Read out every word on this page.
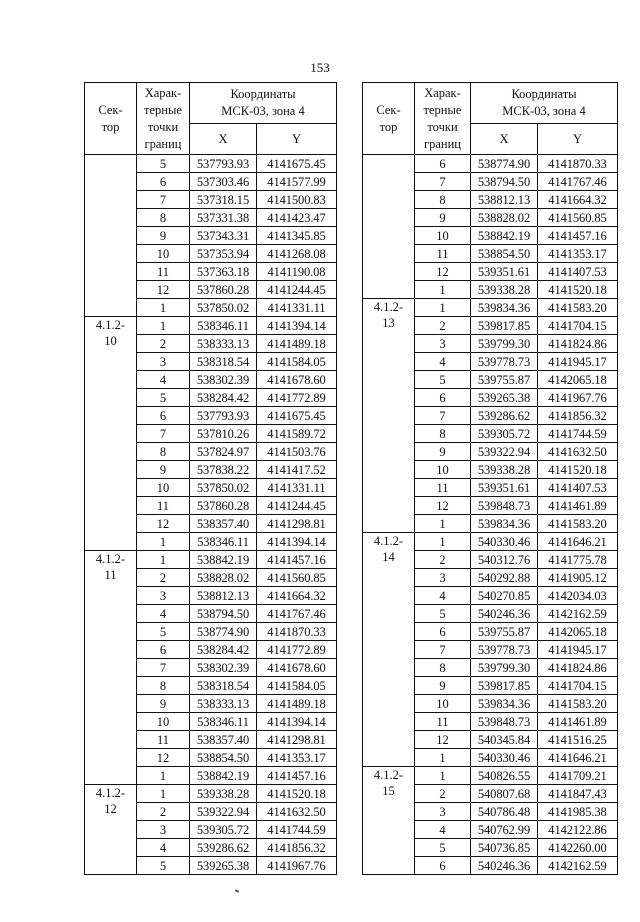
153
Сек-
тор	Харак-
терные
точки
границ	Координаты
МСК-03, зона 4	
		X	Y
	5	537793.93	4141675.45
	6	537303.46	4141577.99
	7	537318.15	4141500.83
	8	537331.38	4141423.47
	9	537343.31	4141345.85
	10	537353.94	4141268.08
	11	537363.18	4141190.08
	12	537860.28	4141244.45
	1	537850.02	4141331.11

4.1.2-
10	1	538346.11	4141394.14
	2	538333.13	4141489.18
	3	538318.54	4141584.05
	4	538302.39	4141678.60
	5	538284.42	4141772.89
	6	537793.93	4141675.45
	7	537810.26	4141589.72
	8	537824.97	4141503.76
	9	537838.22	4141417.52
	10	537850.02	4141331.11
	11	537860.28	4141244.45
	12	538357.40	4141298.81
	1	538346.11	4141394.14

4.1.2-
11	1	538842.19	4141457.16
	2	538828.02	4141560.85
	3	538812.13	4141664.32
	4	538794.50	4141767.46
	5	538774.90	4141870.33
	6	538284.42	4141772.89
	7	538302.39	4141678.60
	8	538318.54	4141584.05
	9	538333.13	4141489.18
	10	538346.11	4141394.14
	11	538357.40	4141298.81
	12	538854.50	4141353.17
	1	538842.19	4141457.16

4.1.2-
12	1	539338.28	4141520.18
	2	539322.94	4141632.50
	3	539305.72	4141744.59
	4	539286.62	4141856.32
	5	539265.38	4141967.76
Сек-
тор	Харак-
терные
точки
границ	Координаты
МСК-03, зона 4	
		X	Y
	6	538774.90	4141870.33
	7	538794.50	4141767.46
	8	538812.13	4141664.32
	9	538828.02	4141560.85
	10	538842.19	4141457.16
	11	538854.50	4141353.17
	12	539351.61	4141407.53
	1	539338.28	4141520.18

4.1.2-
13	1	539834.36	4141583.20
	2	539817.85	4141704.15
	3	539799.30	4141824.86
	4	539778.73	4141945.17
	5	539755.87	4142065.18
	6	539265.38	4141967.76
	7	539286.62	4141856.32
	8	539305.72	4141744.59
	9	539322.94	4141632.50
	10	539338.28	4141520.18
	11	539351.61	4141407.53
	12	539848.73	4141461.89
	1	539834.36	4141583.20

4.1.2-
14	1	540330.46	4141646.21
	2	540312.76	4141775.78
	3	540292.88	4141905.12
	4	540270.85	4142034.03
	5	540246.36	4142162.59
	6	539755.87	4142065.18
	7	539778.73	4141945.17
	8	539799.30	4141824.86
	9	539817.85	4141704.15
	10	539834.36	4141583.20
	11	539848.73	4141461.89
	12	540345.84	4141516.25
	1	540330.46	4141646.21

4.1.2-
15	1	540826.55	4141709.21
	2	540807.68	4141847.43
	3	540786.48	4141985.38
	4	540762.99	4142122.86
	5	540736.85	4142260.00
	6	540246.36	4142162.59
